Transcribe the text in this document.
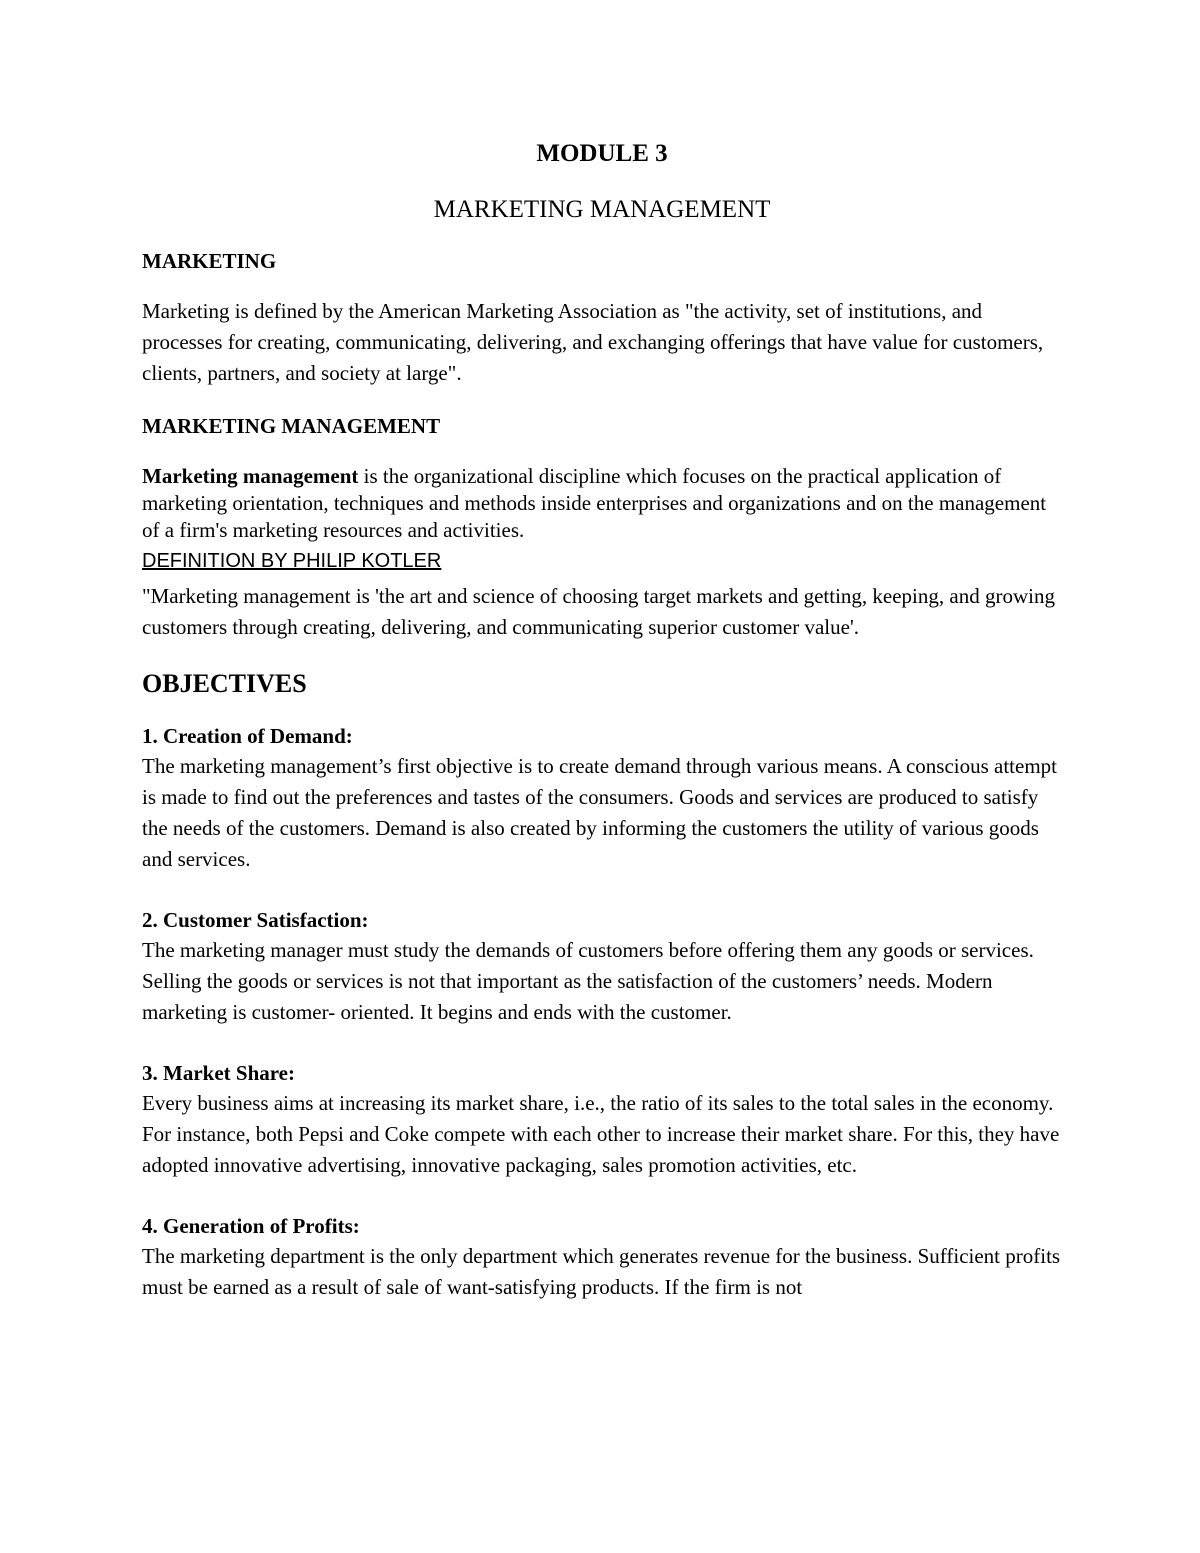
MODULE 3

MARKETING MANAGEMENT

MARKETING

Marketing is defined by the American Marketing Association as "the activity, set of institutions, and processes for creating, communicating, delivering, and exchanging offerings that have value for customers, clients, partners, and society at large".

MARKETING MANAGEMENT

Marketing management is the organizational discipline which focuses on the practical application of marketing orientation, techniques and methods inside enterprises and organizations and on the management of a firm's marketing resources and activities.

DEFINITION BY PHILIP KOTLER

"Marketing management is 'the art and science of choosing target markets and getting, keeping, and growing customers through creating, delivering, and communicating superior customer value'.

OBJECTIVES

1. Creation of Demand:

The marketing management’s first objective is to create demand through various means. A conscious attempt is made to find out the preferences and tastes of the consumers. Goods and services are produced to satisfy the needs of the customers. Demand is also created by informing the customers the utility of various goods and services.

2. Customer Satisfaction:

The marketing manager must study the demands of customers before offering them any goods or services. Selling the goods or services is not that important as the satisfaction of the customers’ needs. Modern marketing is customer- oriented. It begins and ends with the customer.

3. Market Share:

Every business aims at increasing its market share, i.e., the ratio of its sales to the total sales in the economy. For instance, both Pepsi and Coke compete with each other to increase their market share. For this, they have adopted innovative advertising, innovative packaging, sales promotion activities, etc.

4. Generation of Profits:

The marketing department is the only department which generates revenue for the business. Sufficient profits must be earned as a result of sale of want-satisfying products. If the firm is not
